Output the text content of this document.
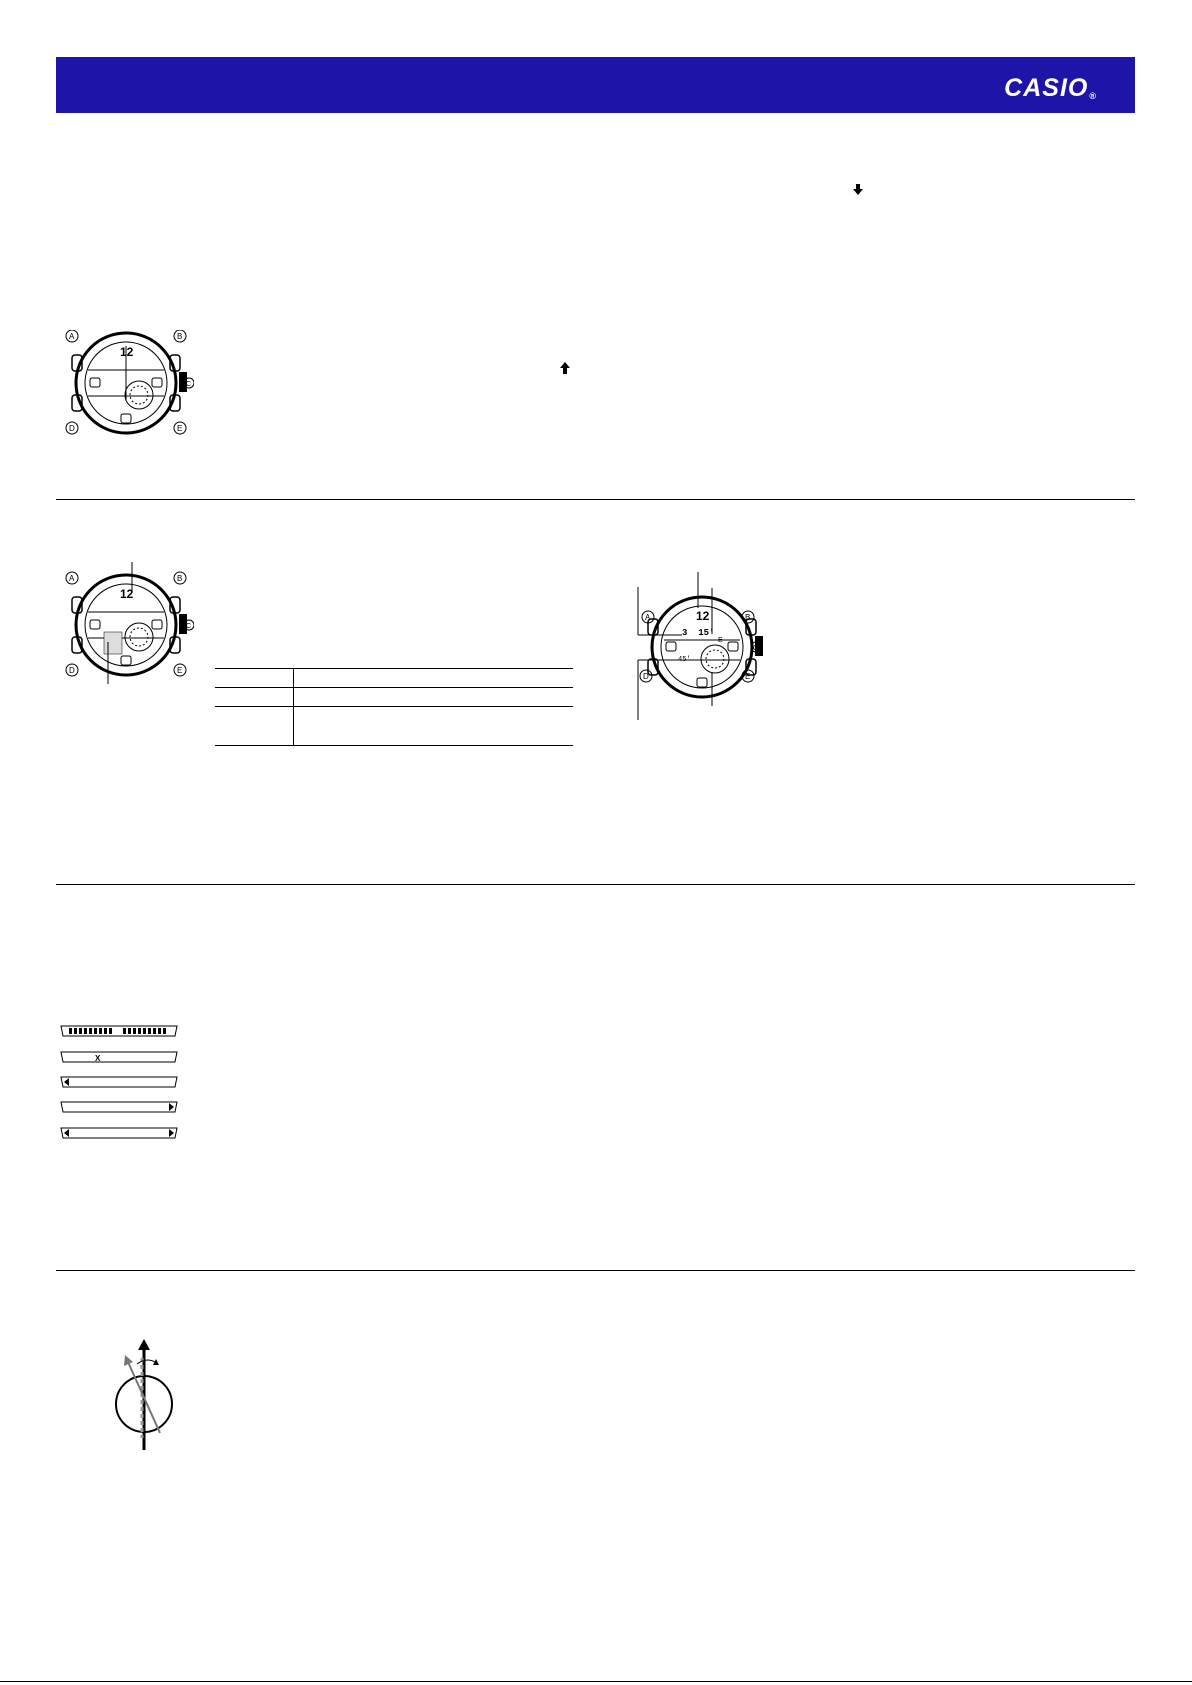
CASIO®
12
A	B
C
D	E
12
A	B
C
D	E
12
3  15'
E
45'
A	B
C
D	E
X
